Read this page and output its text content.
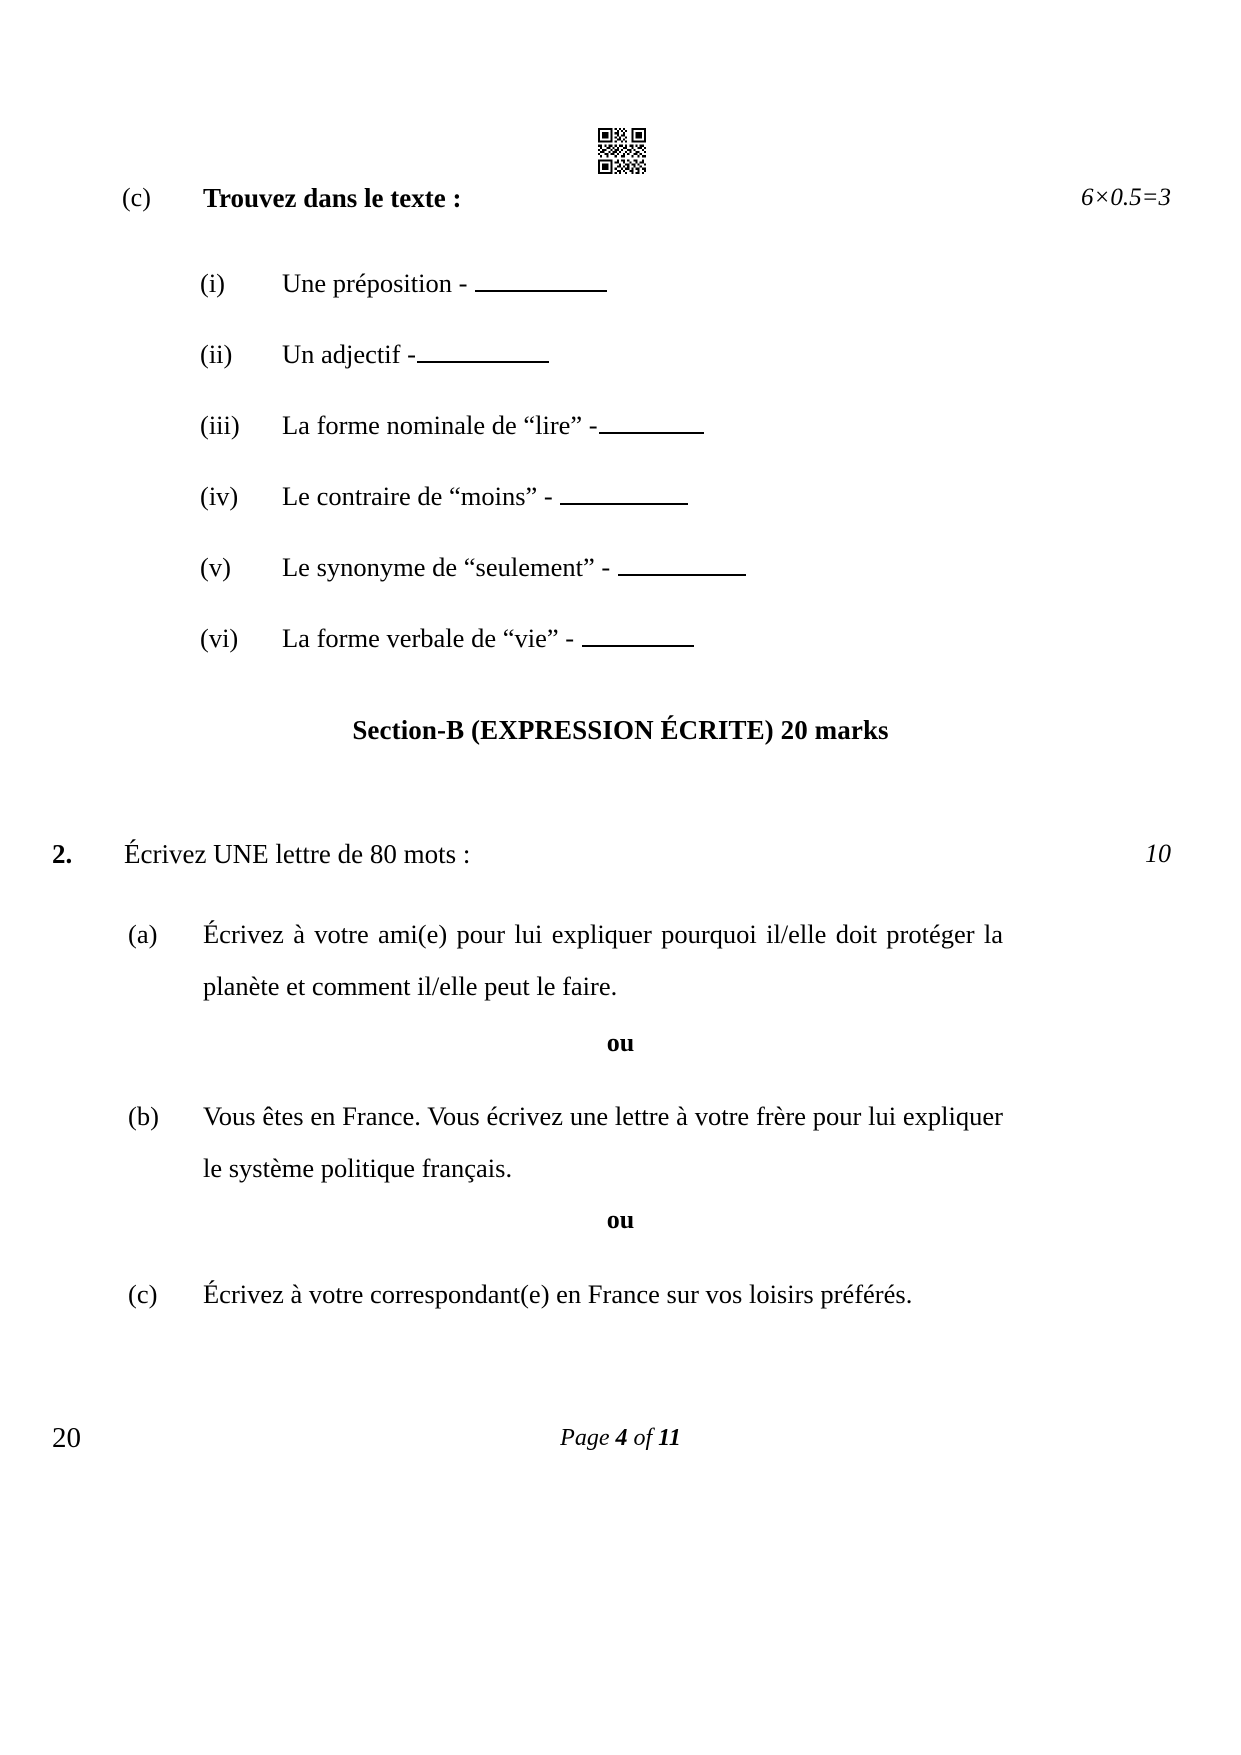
(c) Trouvez dans le texte :	6×0.5=3
(i) Une préposition -
(ii) Un adjectif -
(iii) La forme nominale de “lire” -
(iv) Le contraire de “moins” -
(v) Le synonyme de “seulement” -
(vi) La forme verbale de “vie” -
Section-B (EXPRESSION ÉCRITE) 20 marks
2. Écrivez UNE lettre de 80 mots :	10
(a) Écrivez à votre ami(e) pour lui expliquer pourquoi il/elle doit protéger la planète et comment il/elle peut le faire.
ou
(b) Vous êtes en France. Vous écrivez une lettre à votre frère pour lui expliquer le système politique français.
ou
(c) Écrivez à votre correspondant(e) en France sur vos loisirs préférés.
20	Page 4 of 11
